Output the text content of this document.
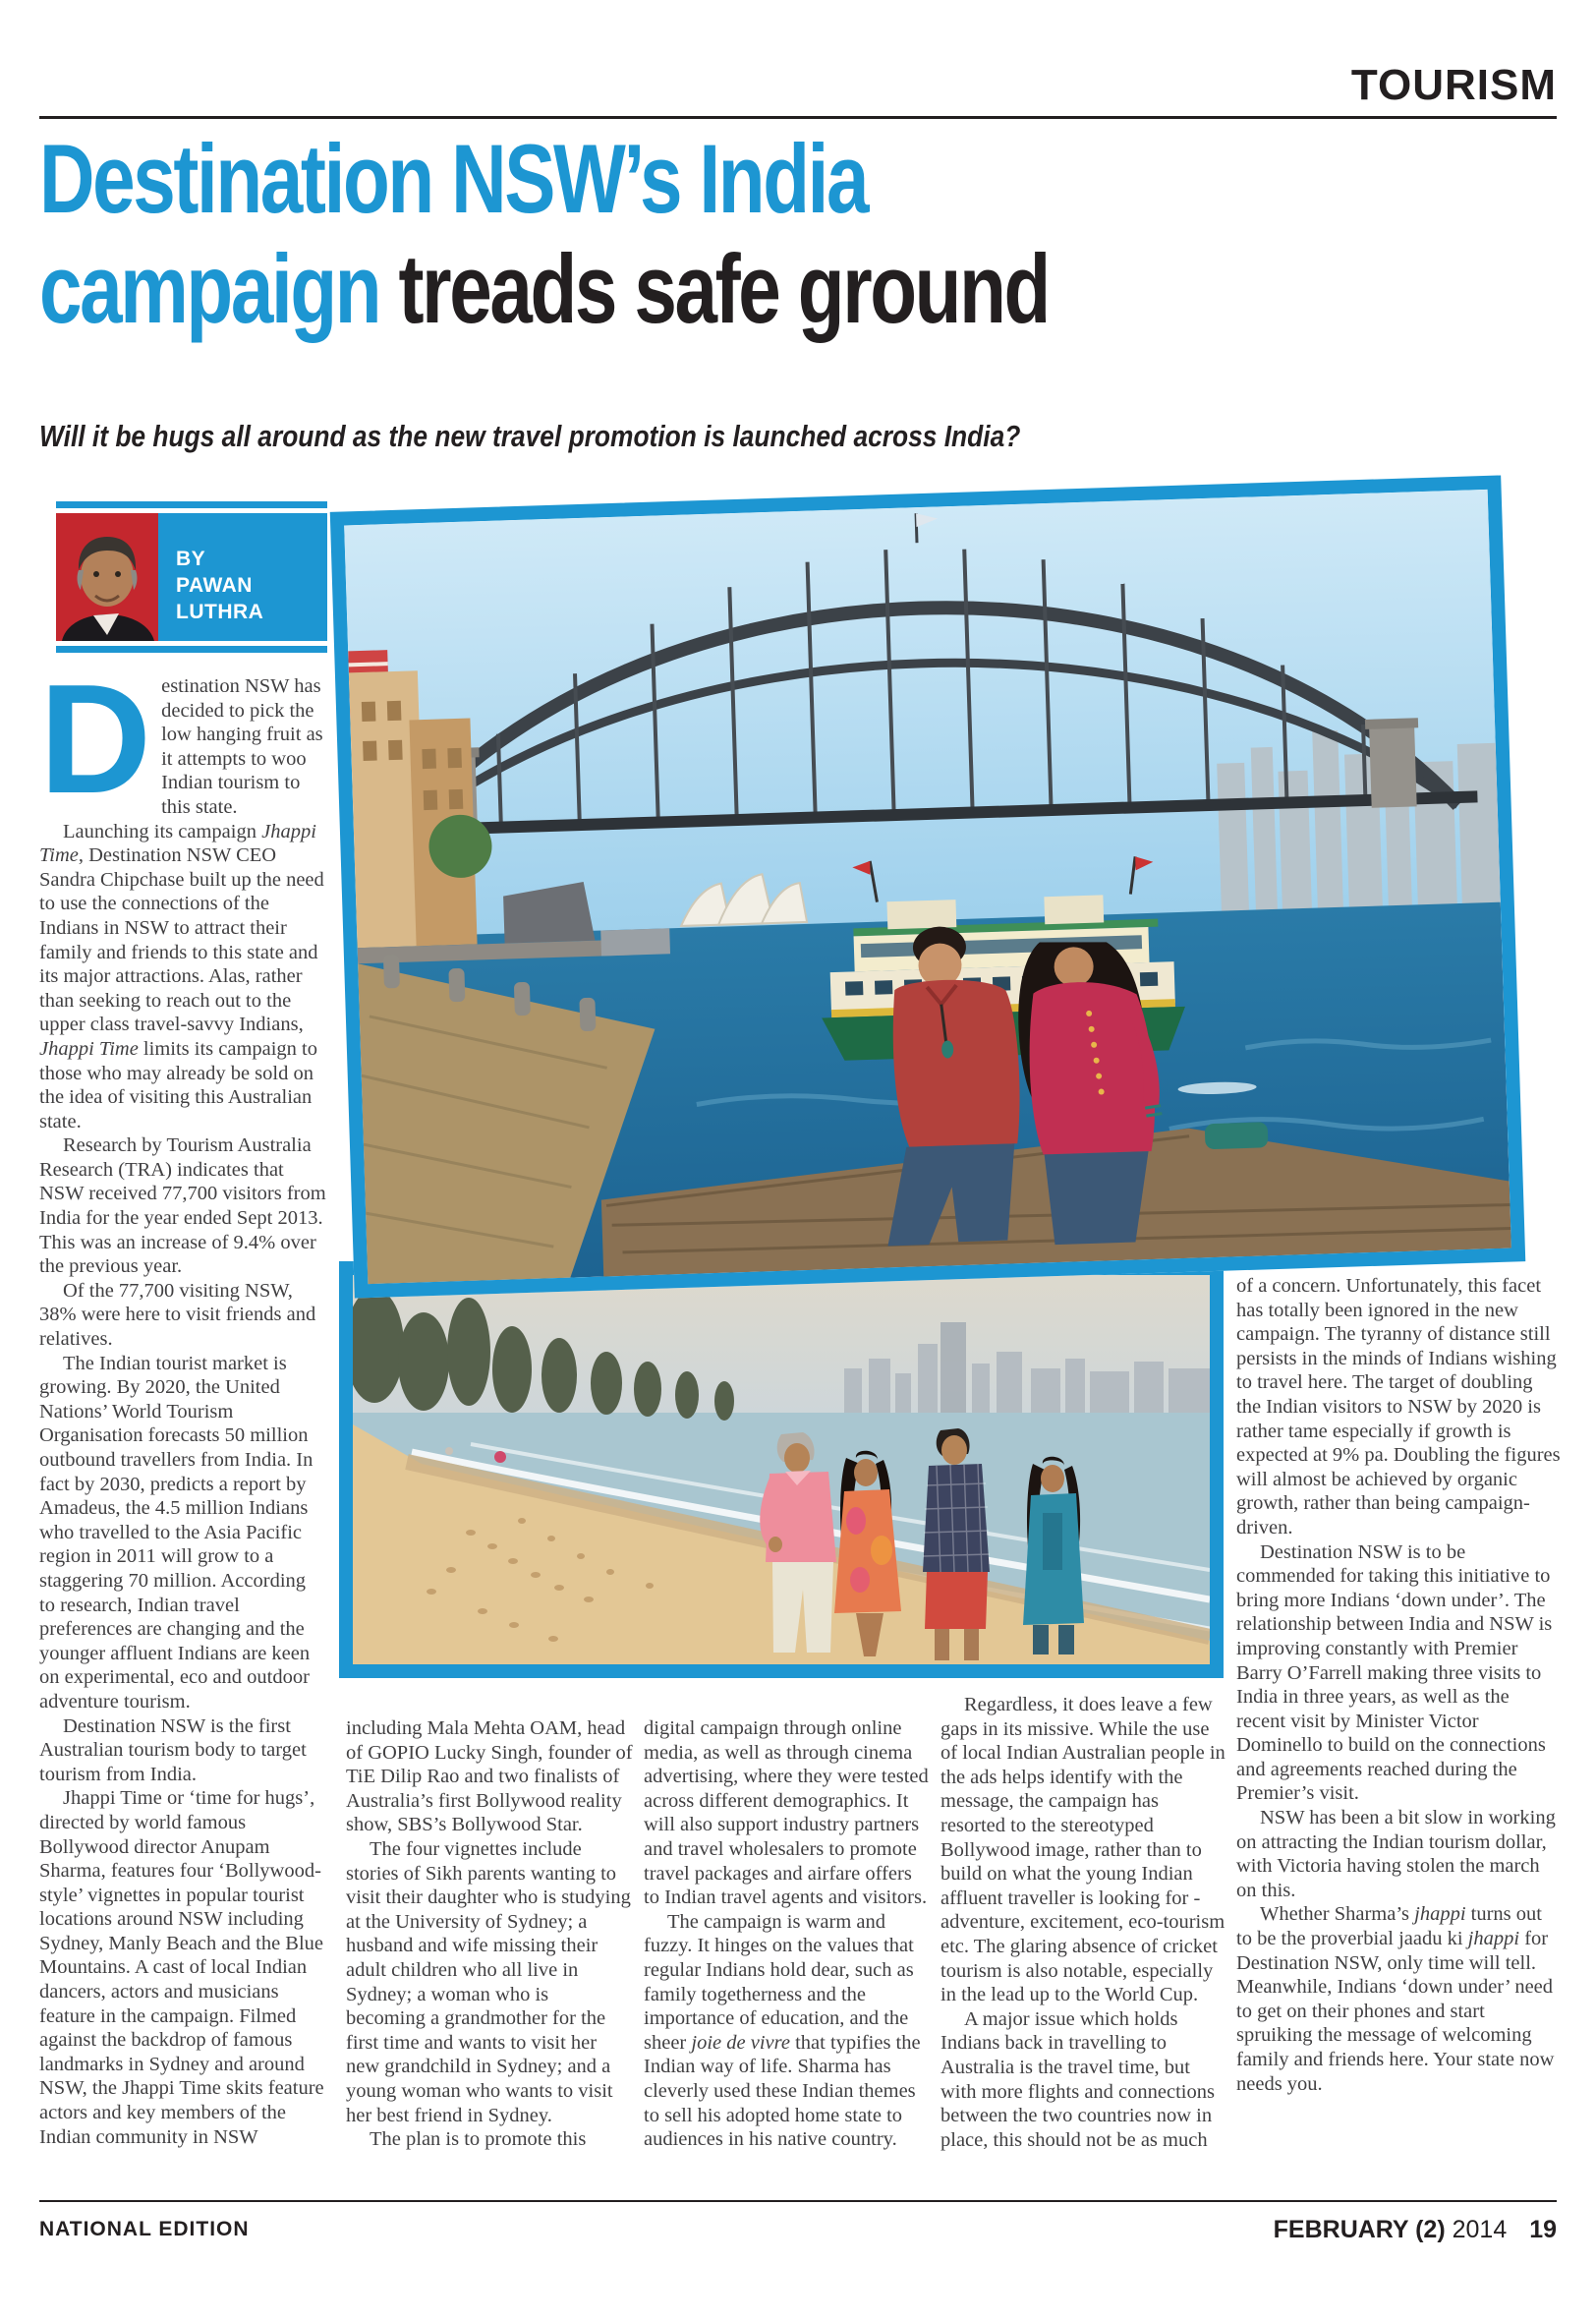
TOURISM
Destination NSW’s India
campaign treads safe ground
Will it be hugs all around as the new travel promotion is launched across India?
BY
PAWAN LUTHRA

Destination NSW has decided to pick the low hanging fruit as it attempts to woo Indian tourism to this state.

Launching its campaign Jhappi Time, Destination NSW CEO Sandra Chipchase built up the need to use the connections of the Indians in NSW to attract their family and friends to this state and its major attractions. Alas, rather than seeking to reach out to the upper class travel-savvy Indians, Jhappi Time limits its campaign to those who may already be sold on the idea of visiting this Australian state.

Research by Tourism Australia Research (TRA) indicates that NSW received 77,700 visitors from India for the year ended Sept 2013. This was an increase of 9.4% over the previous year.

Of the 77,700 visiting NSW, 38% were here to visit friends and relatives.

The Indian tourist market is growing. By 2020, the United Nations’ World Tourism Organisation forecasts 50 million outbound travellers from India. In fact by 2030, predicts a report by Amadeus, the 4.5 million Indians who travelled to the Asia Pacific region in 2011 will grow to a staggering 70 million. According to research, Indian travel preferences are changing and the younger affluent Indians are keen on experimental, eco and outdoor adventure tourism.

Destination NSW is the first Australian tourism body to target tourism from India.

Jhappi Time or ‘time for hugs’, directed by world famous Bollywood director Anupam Sharma, features four ‘Bollywood-style’ vignettes in popular tourist locations around NSW including Sydney, Manly Beach and the Blue Mountains. A cast of local Indian dancers, actors and musicians feature in the campaign. Filmed against the backdrop of famous landmarks in Sydney and around NSW, the Jhappi Time skits feature actors and key members of the Indian community in NSW

including Mala Mehta OAM, head of GOPIO Lucky Singh, founder of TiE Dilip Rao and two finalists of Australia’s first Bollywood reality show, SBS’s Bollywood Star.

The four vignettes include stories of Sikh parents wanting to visit their daughter who is studying at the University of Sydney; a husband and wife missing their adult children who all live in Sydney; a woman who is becoming a grandmother for the first time and wants to visit her new grandchild in Sydney; and a young woman who wants to visit her best friend in Sydney.

The plan is to promote this

digital campaign through online media, as well as through cinema advertising, where they were tested across different demographics. It will also support industry partners and travel wholesalers to promote travel packages and airfare offers to Indian travel agents and visitors.

The campaign is warm and fuzzy. It hinges on the values that regular Indians hold dear, such as family togetherness and the importance of education, and the sheer joie de vivre that typifies the Indian way of life. Sharma has cleverly used these Indian themes to sell his adopted home state to audiences in his native country.

Regardless, it does leave a few gaps in its missive. While the use of local Indian Australian people in the ads helps identify with the message, the campaign has resorted to the stereotyped Bollywood image, rather than to build on what the young Indian affluent traveller is looking for - adventure, excitement, eco-tourism etc. The glaring absence of cricket tourism is also notable, especially in the lead up to the World Cup.

A major issue which holds Indians back in travelling to Australia is the travel time, but with more flights and connections between the two countries now in place, this should not be as much

of a concern. Unfortunately, this facet has totally been ignored in the new campaign. The tyranny of distance still persists in the minds of Indians wishing to travel here. The target of doubling the Indian visitors to NSW by 2020 is rather tame especially if growth is expected at 9% pa. Doubling the figures will almost be achieved by organic growth, rather than being campaign-driven.

Destination NSW is to be commended for taking this initiative to bring more Indians ‘down under’. The relationship between India and NSW is improving constantly with Premier Barry O’Farrell making three visits to India in three years, as well as the recent visit by Minister Victor Dominello to build on the connections and agreements reached during the Premier’s visit.

NSW has been a bit slow in working on attracting the Indian tourism dollar, with Victoria having stolen the march on this.

Whether Sharma’s jhappi turns out to be the proverbial jaadu ki jhappi for Destination NSW, only time will tell. Meanwhile, Indians ‘down under’ need to get on their phones and start spruiking the message of welcoming family and friends here. Your state now needs you.

NATIONAL EDITION	FEBRUARY (2) 2014 19
